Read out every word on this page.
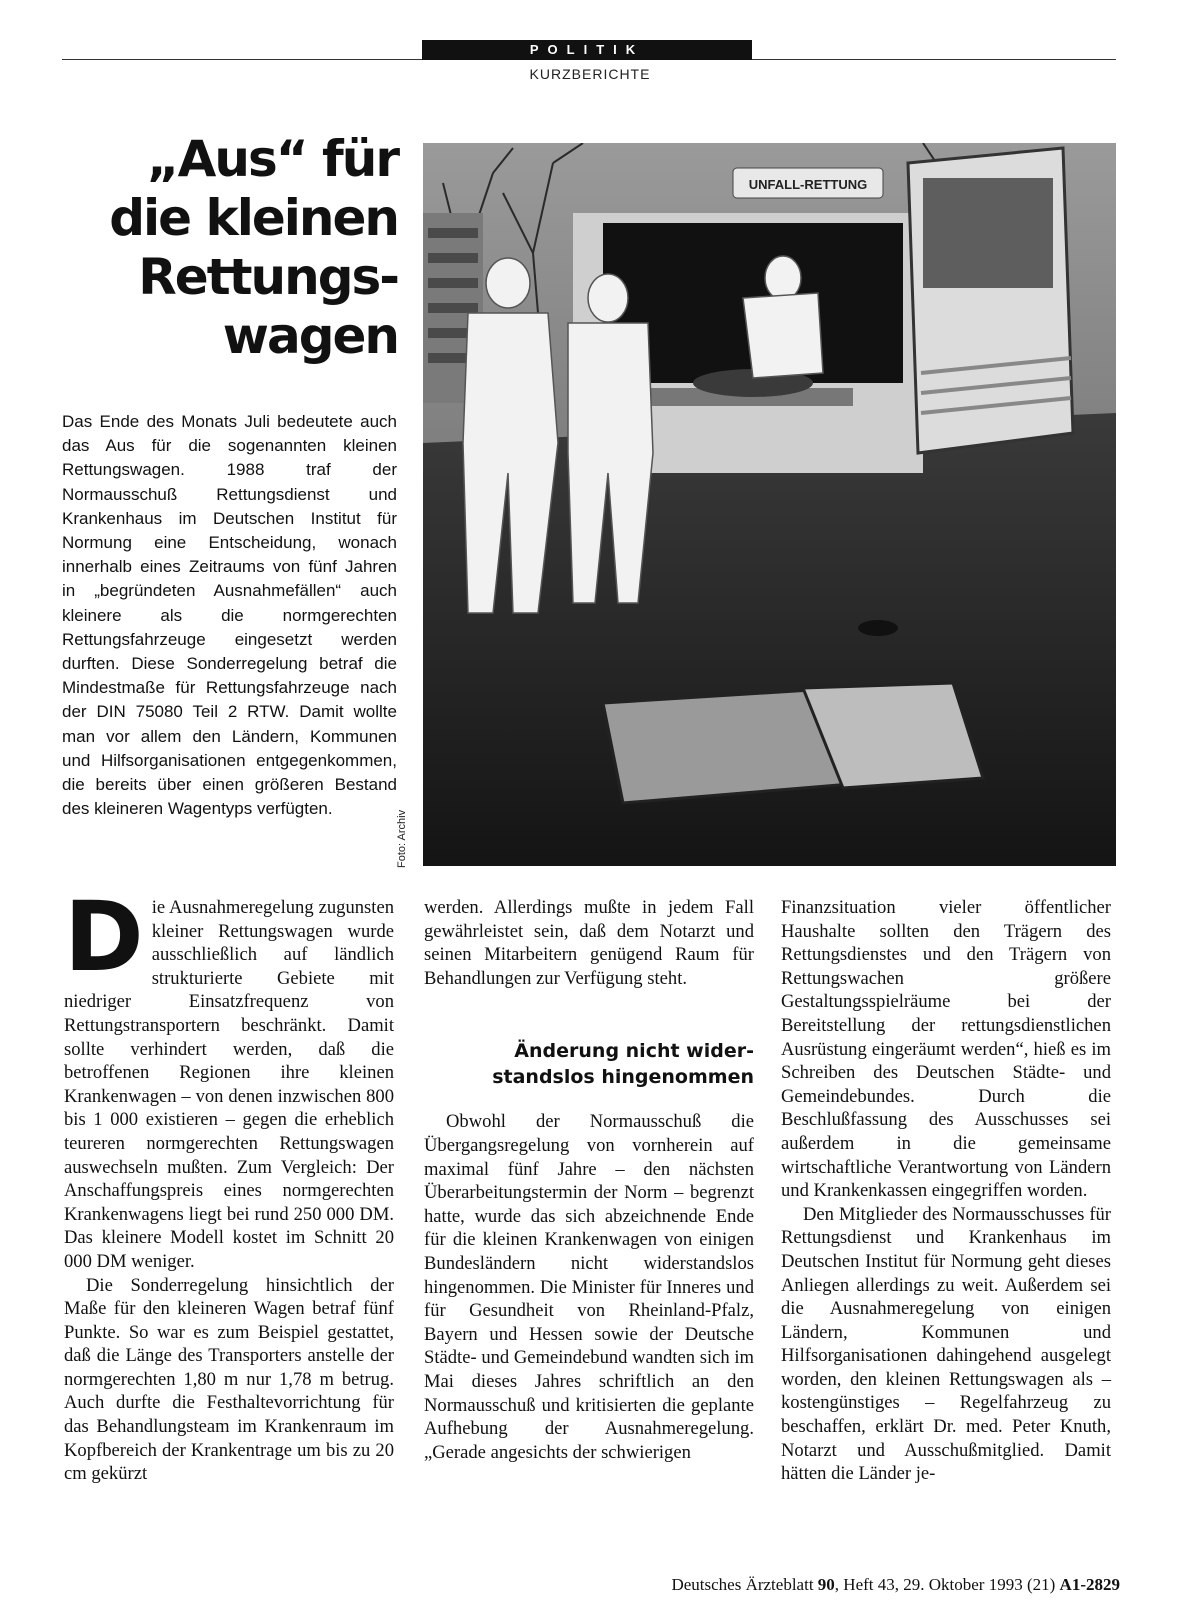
POLITIK
KURZBERICHTE
„Aus“ für
die kleinen
Rettungs-
wagen
Das Ende des Monats Juli bedeutete auch das Aus für die sogenannten kleinen Rettungswagen. 1988 traf der Normausschuß Rettungsdienst und Krankenhaus im Deutschen Institut für Normung eine Entscheidung, wonach innerhalb eines Zeitraums von fünf Jahren in „begründeten Ausnahmefällen“ auch kleinere als die normgerechten Rettungsfahrzeuge eingesetzt werden durften. Diese Sonderregelung betraf die Mindestmaße für Rettungsfahrzeuge nach der DIN 75080 Teil 2 RTW. Damit wollte man vor allem den Ländern, Kommunen und Hilfsorganisationen entgegenkommen, die bereits über einen größeren Bestand des kleineren Wagentyps verfügten.
UNFALL-RETTUNG
Foto: Archiv
D ie Ausnahmeregelung zugunsten kleiner Rettungswagen wurde ausschließlich auf ländlich strukturierte Gebiete mit niedriger Einsatzfrequenz von Rettungstransportern beschränkt. Damit sollte verhindert werden, daß die betroffenen Regionen ihre kleinen Krankenwagen – von denen inzwischen 800 bis 1 000 existieren – gegen die erheblich teureren normgerechten Rettungswagen auswechseln mußten. Zum Vergleich: Der Anschaffungspreis eines normgerechten Krankenwagens liegt bei rund 250 000 DM. Das kleinere Modell kostet im Schnitt 20 000 DM weniger.

Die Sonderregelung hinsichtlich der Maße für den kleineren Wagen betraf fünf Punkte. So war es zum Beispiel gestattet, daß die Länge des Transporters anstelle der normgerechten 1,80 m nur 1,78 m betrug. Auch durfte die Festhaltevorrichtung für das Behandlungsteam im Krankenraum im Kopfbereich der Krankentrage um bis zu 20 cm gekürzt

werden. Allerdings mußte in jedem Fall gewährleistet sein, daß dem Notarzt und seinen Mitarbeitern genügend Raum für Behandlungen zur Verfügung steht.

Änderung nicht wider-
standslos hingenommen

Obwohl der Normausschuß die Übergangsregelung von vornherein auf maximal fünf Jahre – den nächsten Überarbeitungstermin der Norm – begrenzt hatte, wurde das sich abzeichnende Ende für die kleinen Krankenwagen von einigen Bundesländern nicht widerstandslos hingenommen. Die Minister für Inneres und für Gesundheit von Rheinland-Pfalz, Bayern und Hessen sowie der Deutsche Städte- und Gemeindebund wandten sich im Mai dieses Jahres schriftlich an den Normausschuß und kritisierten die geplante Aufhebung der Ausnahmeregelung. „Gerade angesichts der schwierigen

Finanzsituation vieler öffentlicher Haushalte sollten den Trägern des Rettungsdienstes und den Trägern von Rettungswachen größere Gestaltungsspielräume bei der Bereitstellung der rettungsdienstlichen Ausrüstung eingeräumt werden“, hieß es im Schreiben des Deutschen Städte- und Gemeindebundes. Durch die Beschlußfassung des Ausschusses sei außerdem in die gemeinsame wirtschaftliche Verantwortung von Ländern und Krankenkassen eingegriffen worden.

Den Mitglieder des Normausschusses für Rettungsdienst und Krankenhaus im Deutschen Institut für Normung geht dieses Anliegen allerdings zu weit. Außerdem sei die Ausnahmeregelung von einigen Ländern, Kommunen und Hilfsorganisationen dahingehend ausgelegt worden, den kleinen Rettungswagen als – kostengünstiges – Regelfahrzeug zu beschaffen, erklärt Dr. med. Peter Knuth, Notarzt und Ausschußmitglied. Damit hätten die Länder je-

Deutsches Ärzteblatt 90, Heft 43, 29. Oktober 1993 (21) A1-2829
